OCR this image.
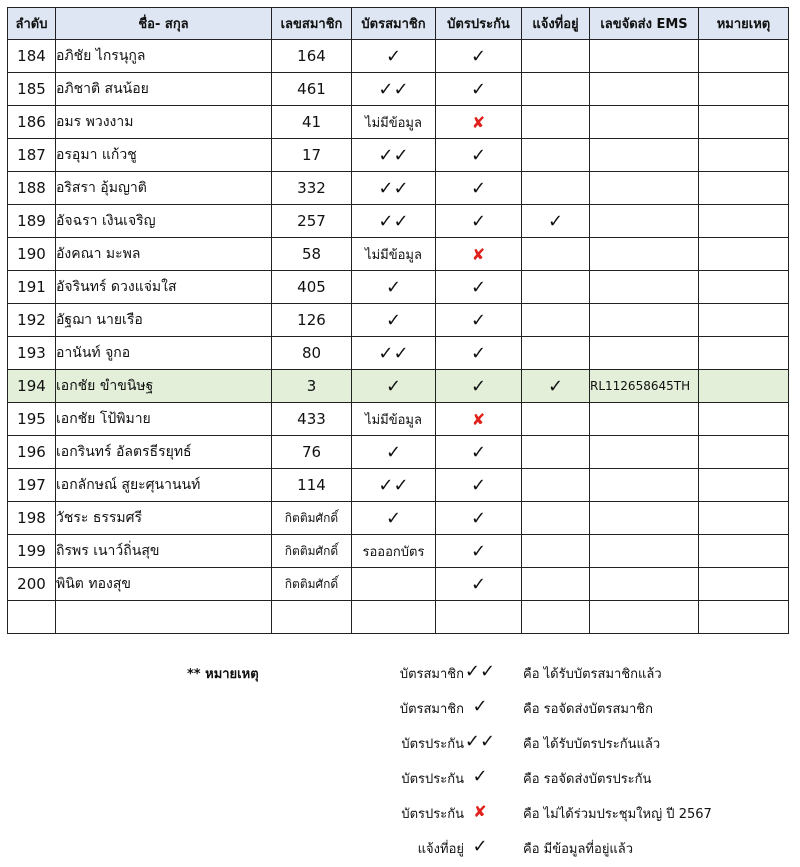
ลำดับ	ชื่อ- สกุล	เลขสมาชิก	บัตรสมาชิก	บัตรประกัน	แจ้งที่อยู่	เลขจัดส่ง EMS	หมายเหตุ
184	อภิชัย ไกรนุกูล	164	✓	✓			
185	อภิชาติ สนน้อย	461	✓✓	✓			
186	อมร พวงงาม	41	ไม่มีข้อมูล	✘			
187	อรอุมา แก้วชู	17	✓✓	✓			
188	อริสรา อุ้มญาติ	332	✓✓	✓			
189	อัจฉรา เงินเจริญ	257	✓✓	✓	✓		
190	อังคณา มะพล	58	ไม่มีข้อมูล	✘			
191	อัจรินทร์ ดวงแจ่มใส	405	✓	✓			
192	อัฐฌา นายเรือ	126	✓	✓			
193	อานันท์ จูกอ	80	✓✓	✓			
194	เอกชัย ขำขนิษฐ	3	✓	✓	✓	RL112658645TH	
195	เอกชัย โป้พิมาย	433	ไม่มีข้อมูล	✘			
196	เอกรินทร์ อัลตรธีรยุทธ์	76	✓	✓			
197	เอกลักษณ์ สูยะศุนานนท์	114	✓✓	✓			
198	วัชระ ธรรมศรี	กิตติมศักดิ์	✓	✓			
199	ถิรพร เนาว์ถิ่นสุข	กิตติมศักดิ์	รอออกบัตร	✓			
200	พินิต ทองสุข	กิตติมศักดิ์		✓			

** หมายเหตุ	บัตรสมาชิก ✓✓	คือ ได้รับบัตรสมาชิกแล้ว
บัตรสมาชิก ✓	คือ รอจัดส่งบัตรสมาชิก
บัตรประกัน ✓✓	คือ ได้รับบัตรประกันแล้ว
บัตรประกัน ✓	คือ รอจัดส่งบัตรประกัน
บัตรประกัน ✘	คือ ไม่ได้ร่วมประชุมใหญ่ ปี 2567
แจ้งที่อยู่ ✓	คือ มีข้อมูลที่อยู่แล้ว
